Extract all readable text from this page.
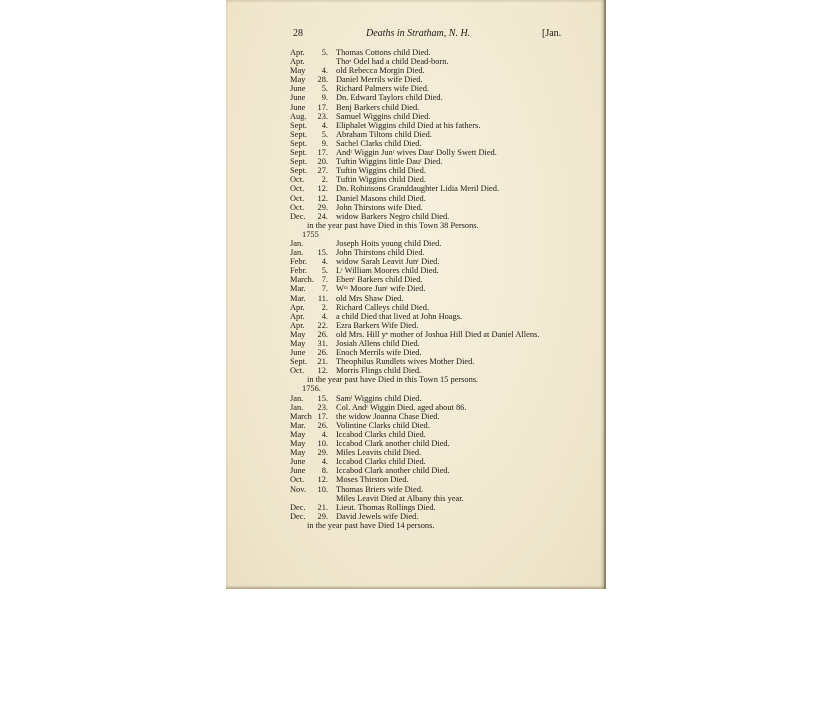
28	Deaths in Stratham, N. H.	[Jan.
Apr.	5. Thomas Cottons child Died.
Apr.	Thoˢ Odel had a child Dead-born.
May	4. old Rebecca Morgin Died.
May	28. Daniel Merrils wife Died.
June	5. Richard Palmers wife Died.
June	9. Dn. Edward Taylors child Died.
June	17. Benj Barkers child Died.
Aug.	23. Samuel Wiggins child Died.
Sept.	4. Eliphalet Wiggins child Died at his fathers.
Sept.	5. Abraham Tiltons child Died.
Sept.	9. Sachel Clarks child Died.
Sept.	17. Andʳ Wiggin Junʳ wives Dauʳ Dolly Swett Died.
Sept.	20. Tuftin Wiggins little Dauʳ Died.
Sept.	27. Tuftin Wiggins child Died.
Oct.	2. Tuftin Wiggins child Died.
Oct.	12. Dn. Robinsons Granddaughter Lidia Meril Died.
Oct.	12. Daniel Masons child Died.
Oct.	29. John Thirstons wife Died.
Dec.	24. widow Barkers Negro child Died.
in the year past have Died in this Town 38 Persons.
1755
Jan.	Joseph Hoits young child Died.
Jan.	15. John Thirstons child Died.
Febr.	4. widow Sarah Leavit Junʳ Died.
Febr.	5. Lᵗ William Moores child Died.
March. 7. Ebenʳ Barkers child Died.
Mar.	7. Wᵐ Moore Junʳ wife Died.
Mar.	11. old Mrs Shaw Died.
Apr.	2. Richard Calleys child Died.
Apr.	4. a child Died that lived at John Hoags.
Apr.	22. Ezra Barkers Wife Died.
May	26. old Mrs. Hill yᵉ mother of Joshua Hill Died at Daniel Allens.
May	31. Josiah Allens child Died.
June	26. Enoch Merrils wife Died.
Sept.	21. Theophilus Rundlets wives Mother Died.
Oct.	12. Morris Flings child Died.
in the year past have Died in this Town 15 persons.
1756.
Jan.	15. Samˡ Wiggins child Died.
Jan.	23. Col. Andʳ Wiggin Died. aged about 86.
March 17. the widow Joanna Chase Died.
Mar.	26. Volintine Clarks child Died.
May	4. Iccabod Clarks child Died.
May	10. Iccabod Clark another child Died.
May	29. Miles Leavits child Died.
June	4. Iccabod Clarks child Died.
June	8. Iccabod Clark another child Died.
Oct.	12. Moses Thirston Died.
Nov.	10. Thomas Briers wife Died.
Miles Leavit Died at Albany this year.
Dec.	21. Lieut. Thomas Rollings Died.
Dec.	29. David Jewels wife Died.
in the year past have Died 14 persons.
